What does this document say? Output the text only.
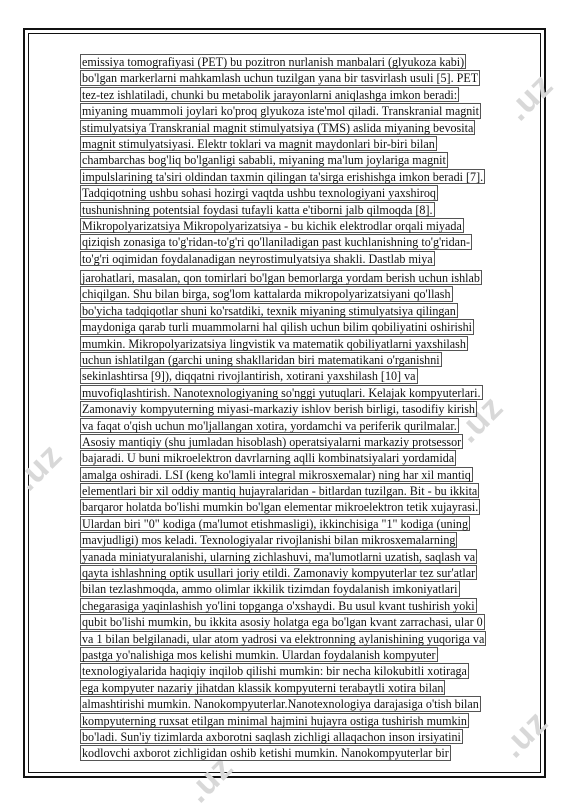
.uz
.uz
.uz
.uz
.uz
emissiya tomografiyasi (PET) bu pozitron nurlanish manbalari (glyukoza kabi)
bo'lgan markerlarni mahkamlash uchun tuzilgan yana bir tasvirlash usuli [5]. PET
tez-tez ishlatiladi, chunki bu metabolik jarayonlarni aniqlashga imkon beradi:
miyaning muammoli joylari ko'proq glyukoza iste'mol qiladi. Transkranial magnit
stimulyatsiya Transkranial magnit stimulyatsiya (TMS) aslida miyaning bevosita
magnit stimulyatsiyasi. Elektr toklari va magnit maydonlari bir-biri bilan
chambarchas bog'liq bo'lganligi sababli, miyaning ma'lum joylariga magnit
impulslarining ta'siri oldindan taxmin qilingan ta'sirga erishishga imkon beradi [7].
Tadqiqotning ushbu sohasi hozirgi vaqtda ushbu texnologiyani yaxshiroq
tushunishning potentsial foydasi tufayli katta e'tiborni jalb qilmoqda [8].
Mikropolyarizatsiya Mikropolyarizatsiya - bu kichik elektrodlar orqali miyada
qiziqish zonasiga to'g'ridan-to'g'ri qo'llaniladigan past kuchlanishning to'g'ridan-
to'g'ri oqimidan foydalanadigan neyrostimulyatsiya shakli. Dastlab miya
jarohatlari, masalan, qon tomirlari bo'lgan bemorlarga yordam berish uchun ishlab
chiqilgan. Shu bilan birga, sog'lom kattalarda mikropolyarizatsiyani qo'llash
bo'yicha tadqiqotlar shuni ko'rsatdiki, texnik miyaning stimulyatsiya qilingan
maydoniga qarab turli muammolarni hal qilish uchun bilim qobiliyatini oshirishi
mumkin. Mikropolyarizatsiya lingvistik va matematik qobiliyatlarni yaxshilash
uchun ishlatilgan (garchi uning shakllaridan biri matematikani o'rganishni
sekinlashtirsa [9]), diqqatni rivojlantirish, xotirani yaxshilash [10] va
muvofiqlashtirish. Nanotexnologiyaning so'nggi yutuqlari. Kelajak kompyuterlari.
Zamonaviy kompyuterning miyasi-markaziy ishlov berish birligi, tasodifiy kirish
va faqat o'qish uchun mo'ljallangan xotira, yordamchi va periferik qurilmalar.
Asosiy mantiqiy (shu jumladan hisoblash) operatsiyalarni markaziy protsessor
bajaradi. U buni mikroelektron davrlarning aqlli kombinatsiyalari yordamida
amalga oshiradi. LSI (keng ko'lamli integral mikrosxemalar) ning har xil mantiq
elementlari bir xil oddiy mantiq hujayralaridan - bitlardan tuzilgan. Bit - bu ikkita
barqaror holatda bo'lishi mumkin bo'lgan elementar mikroelektron tetik xujayrasi.
Ulardan biri "0" kodiga (ma'lumot etishmasligi), ikkinchisiga "1" kodiga (uning
mavjudligi) mos keladi. Texnologiyalar rivojlanishi bilan mikrosxemalarning
yanada miniatyuralanishi, ularning zichlashuvi, ma'lumotlarni uzatish, saqlash va
qayta ishlashning optik usullari joriy etildi. Zamonaviy kompyuterlar tez sur'atlar
bilan tezlashmoqda, ammo olimlar ikkilik tizimdan foydalanish imkoniyatlari
chegarasiga yaqinlashish yo'lini topganga o'xshaydi. Bu usul kvant tushirish yoki
qubit bo'lishi mumkin, bu ikkita asosiy holatga ega bo'lgan kvant zarrachasi, ular 0
va 1 bilan belgilanadi, ular atom yadrosi va elektronning aylanishining yuqoriga va
pastga yo'nalishiga mos kelishi mumkin. Ulardan foydalanish kompyuter
texnologiyalarida haqiqiy inqilob qilishi mumkin: bir necha kilokubitli xotiraga
ega kompyuter nazariy jihatdan klassik kompyuterni terabaytli xotira bilan
almashtirishi mumkin. Nanokompyuterlar.Nanotexnologiya darajasiga o'tish bilan
kompyuterning ruxsat etilgan minimal hajmini hujayra ostiga tushirish mumkin
bo'ladi. Sun'iy tizimlarda axborotni saqlash zichligi allaqachon inson irsiyatini
kodlovchi axborot zichligidan oshib ketishi mumkin. Nanokompyuterlar bir
